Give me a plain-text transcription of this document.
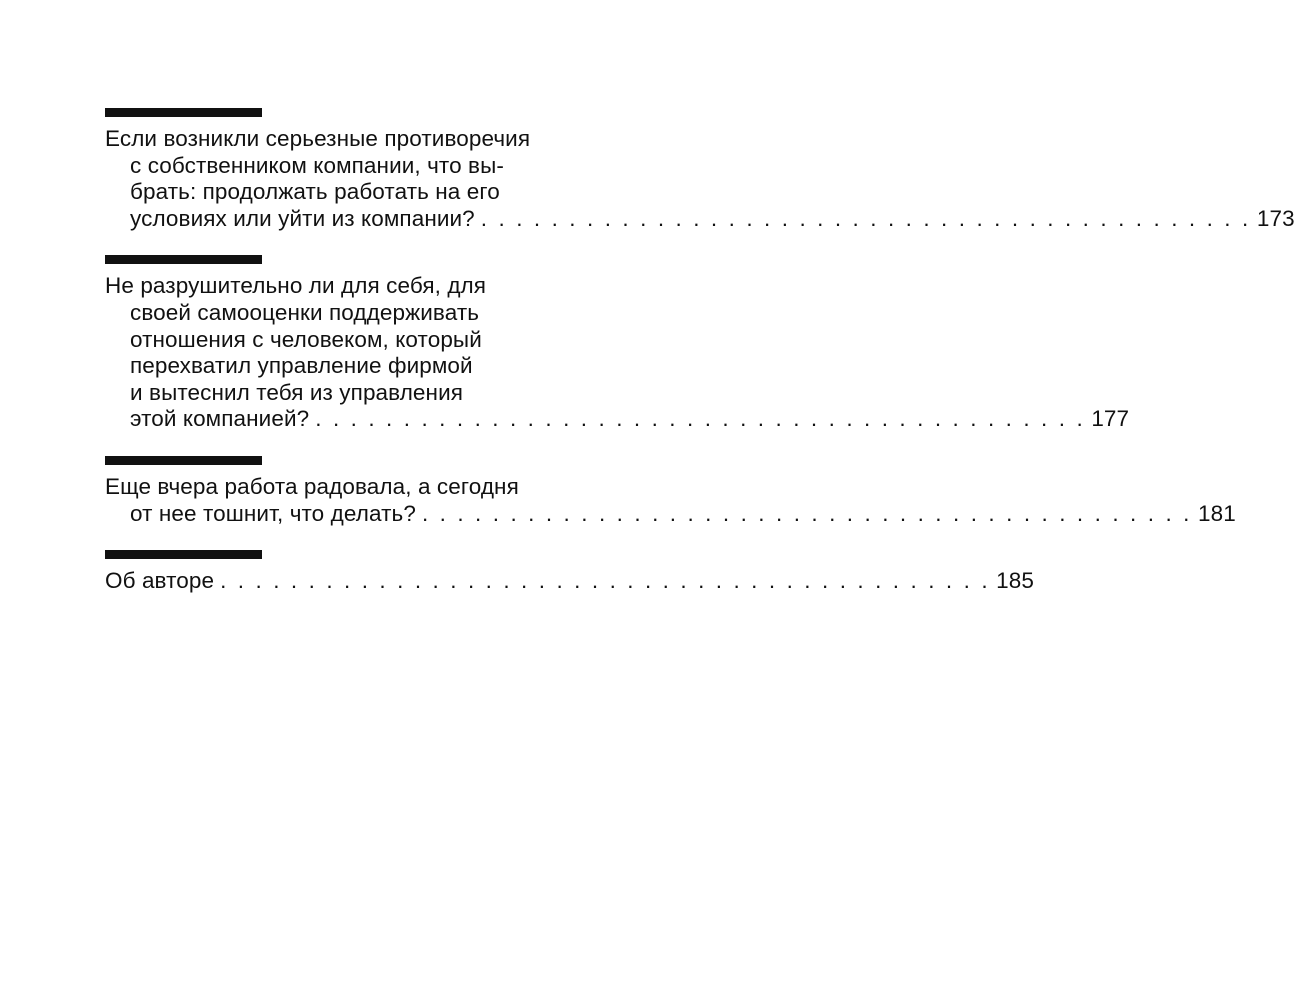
Если возникли серьезные противоречия
с собственником компании, что вы-
брать: продолжать работать на его
условиях или уйти из компании? . . . . . . . . . . . . . . . . . . . . . . . . . . . . . . . . . . . . . . . . . . . . 173
Не разрушительно ли для себя, для
своей самооценки поддерживать
отношения с человеком, который
перехватил управление фирмой
и вытеснил тебя из управления
этой компанией? . . . . . . . . . . . . . . . . . . . . . . . . . . . . . . . . . . . . . . . . . . . . 177
Еще вчера работа радовала, а сегодня
от нее тошнит, что делать? . . . . . . . . . . . . . . . . . . . . . . . . . . . . . . . . . . . . . . . . . . . . 181
Об авторе . . . . . . . . . . . . . . . . . . . . . . . . . . . . . . . . . . . . . . . . . . . . 185
